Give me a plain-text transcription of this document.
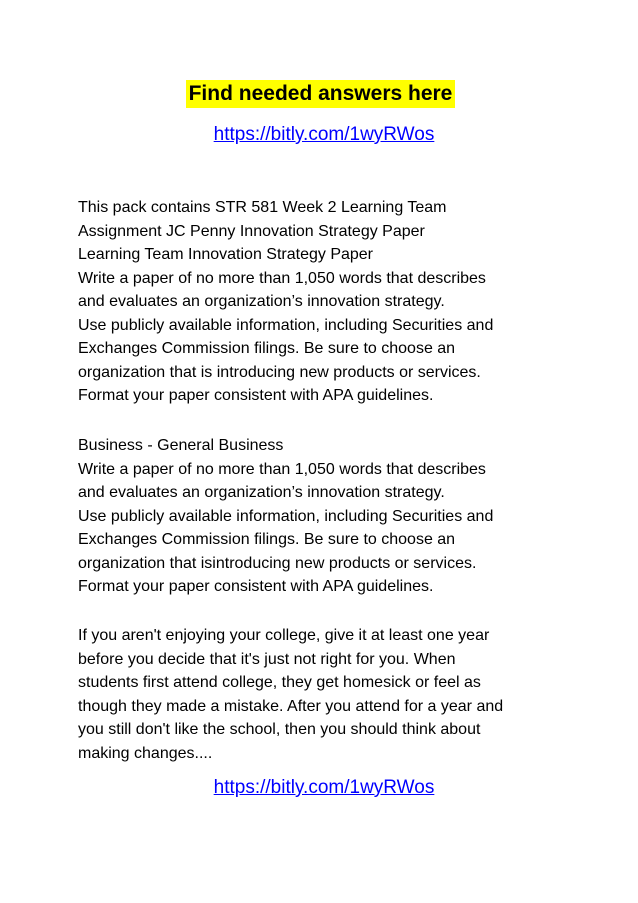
Find needed answers here
https://bitly.com/1wyRWos
This pack contains STR 581 Week 2 Learning Team
Assignment JC Penny Innovation Strategy Paper
Learning Team Innovation Strategy Paper
Write a paper of no more than 1,050 words that describes
and evaluates an organization’s innovation strategy.
Use publicly available information, including Securities and
Exchanges Commission filings. Be sure to choose an
organization that is introducing new products or services.
Format your paper consistent with APA guidelines.
Business - General Business
Write a paper of no more than 1,050 words that describes
and evaluates an organization’s innovation strategy.
Use publicly available information, including Securities and
Exchanges Commission filings. Be sure to choose an
organization that isintroducing new products or services.
Format your paper consistent with APA guidelines.
If you aren't enjoying your college, give it at least one year
before you decide that it's just not right for you. When
students first attend college, they get homesick or feel as
though they made a mistake. After you attend for a year and
you still don't like the school, then you should think about
making changes....
https://bitly.com/1wyRWos
